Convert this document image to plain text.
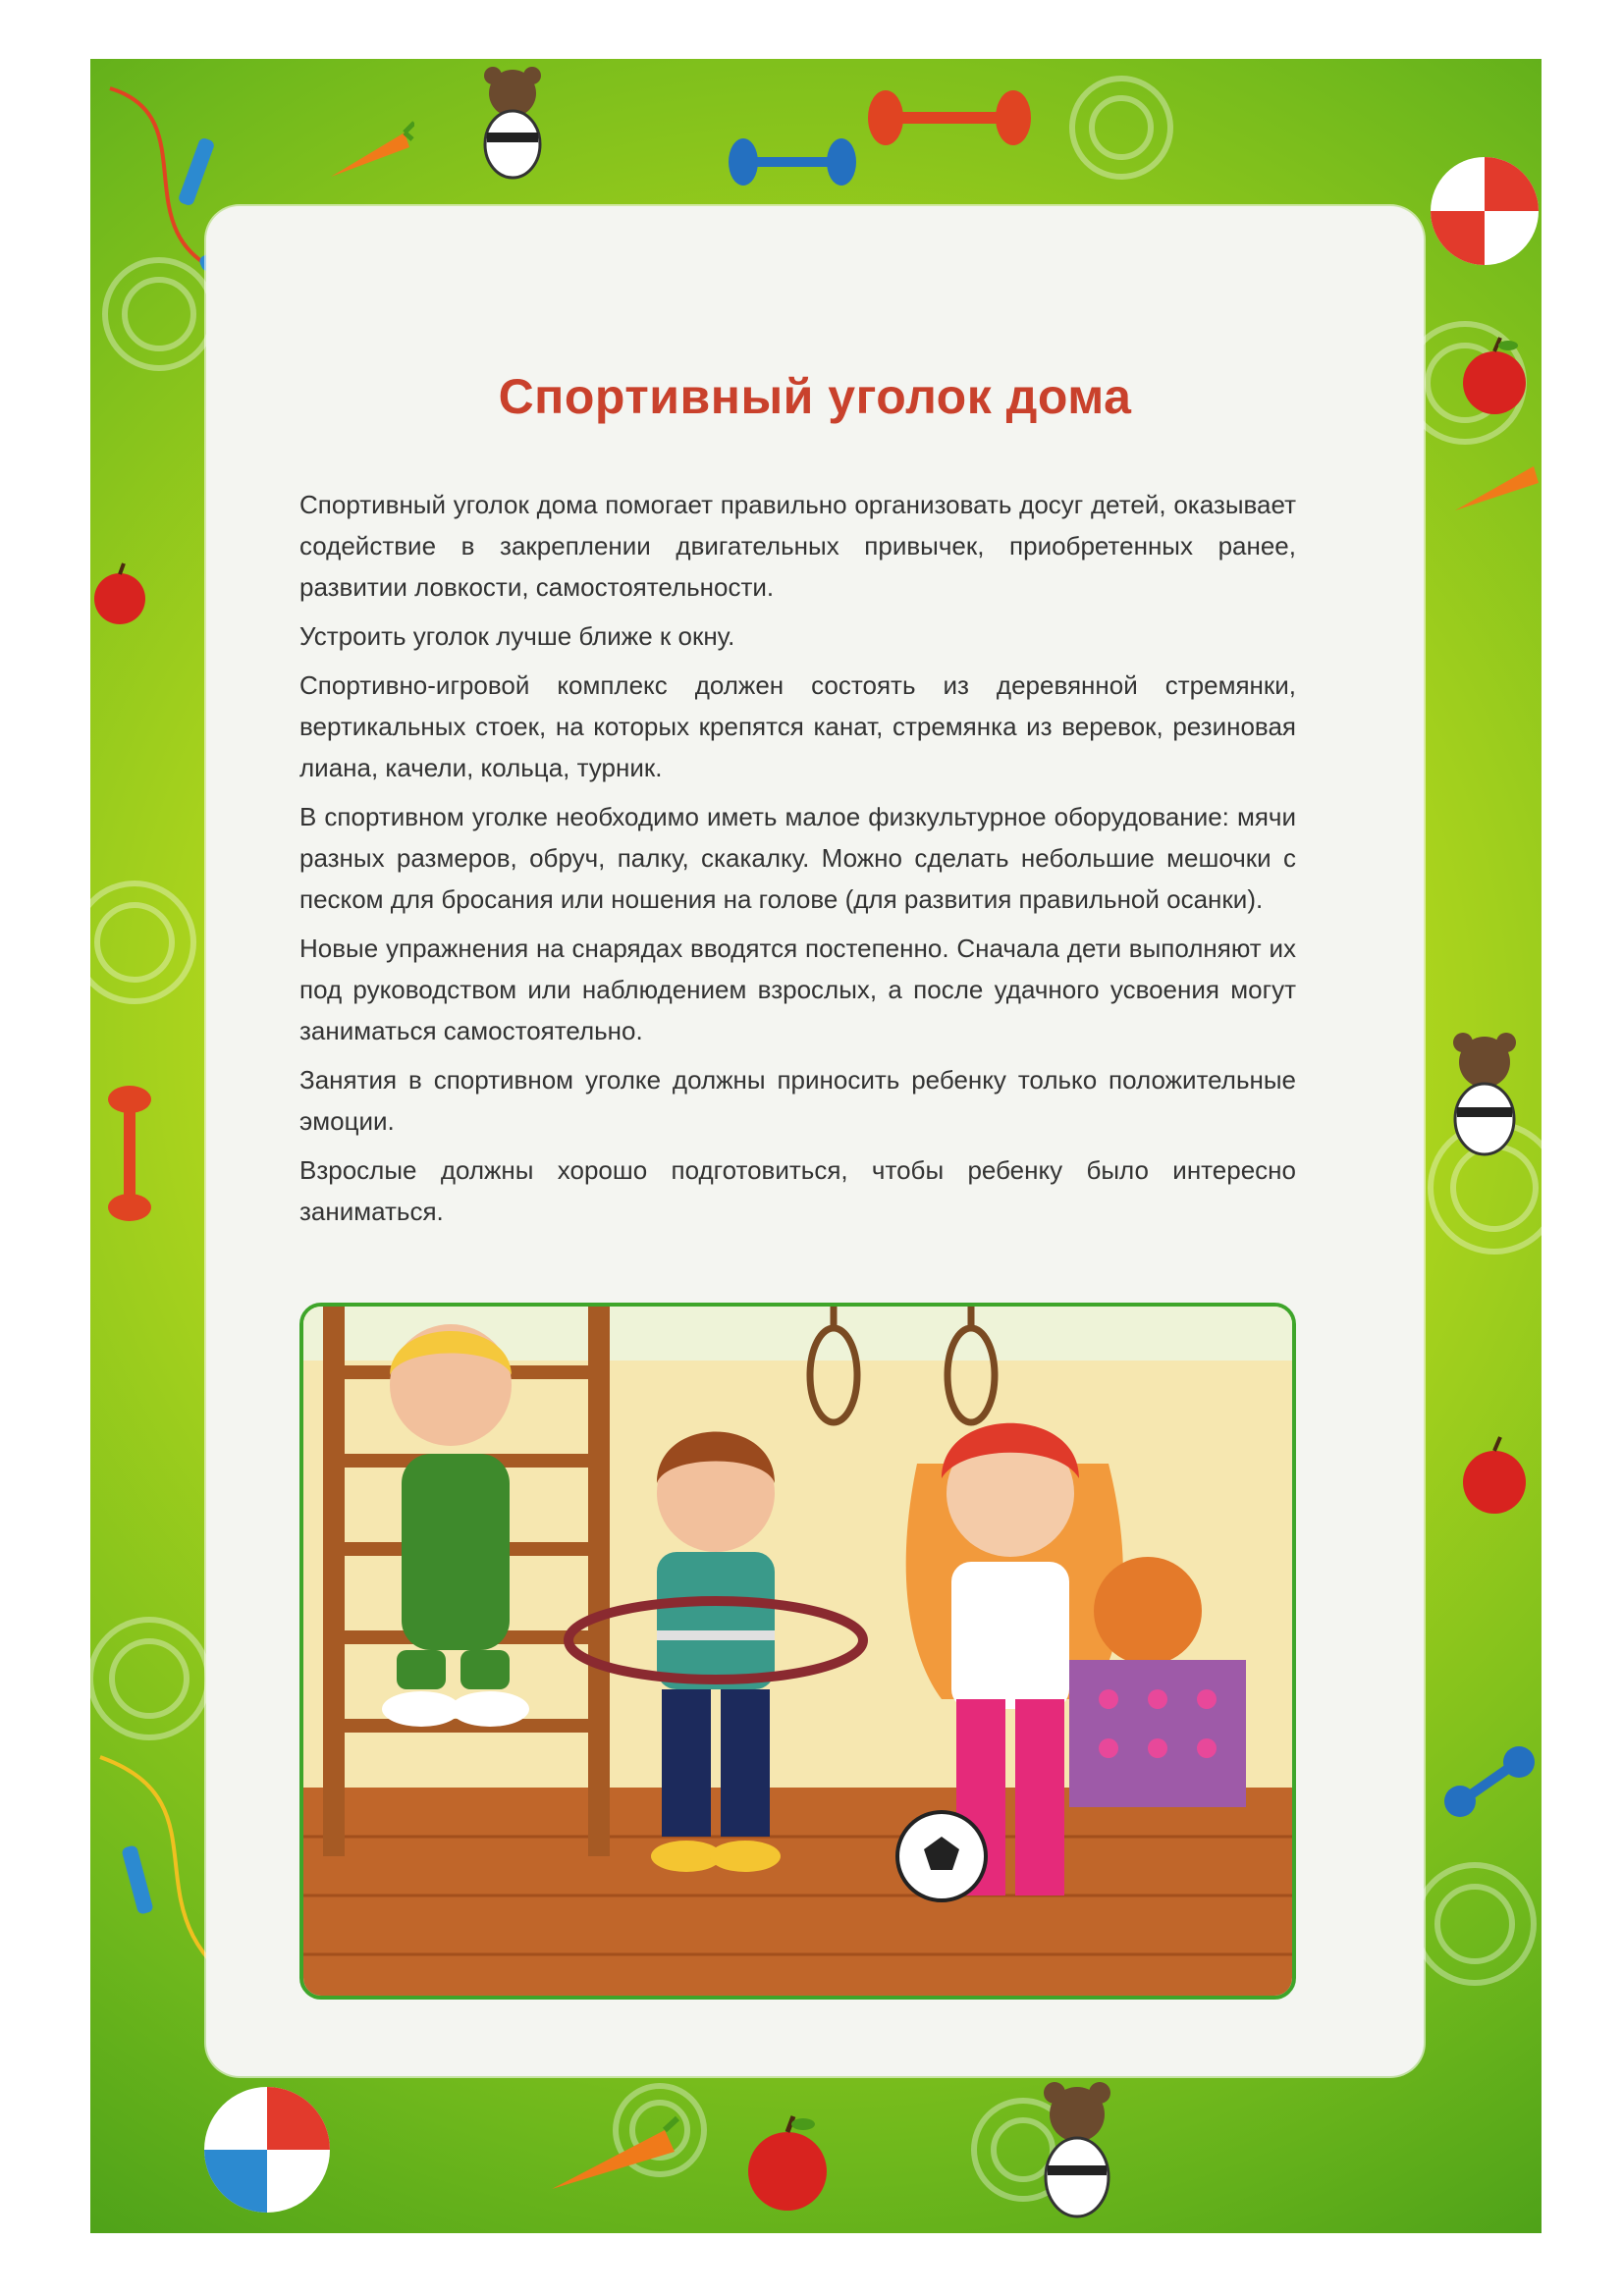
Спортивный уголок дома

Спортивный уголок дома помогает правильно организовать досуг детей, оказывает содействие в закреплении двигательных привычек, приобретенных ранее, развитии ловкости, самостоятельности.

Устроить уголок лучше ближе к окну.

Спортивно-игровой комплекс должен состоять из деревянной стремянки, вертикальных стоек, на которых крепятся канат, стремянка из веревок, резиновая лиана, качели, кольца, турник.

В спортивном уголке необходимо иметь малое физкультурное оборудование: мячи разных размеров, обруч, палку, скакалку. Можно сделать небольшие мешочки с песком для бросания или ношения на голове (для развития правильной осанки).

Новые упражнения на снарядах вводятся постепенно. Сначала дети выполняют их под руководством или наблюдением взрослых, а после удачного усвоения могут заниматься самостоятельно.

Занятия в спортивном уголке должны приносить ребенку только положительные эмоции.

Взрослые должны хорошо подготовиться, чтобы ребенку было интересно заниматься.
